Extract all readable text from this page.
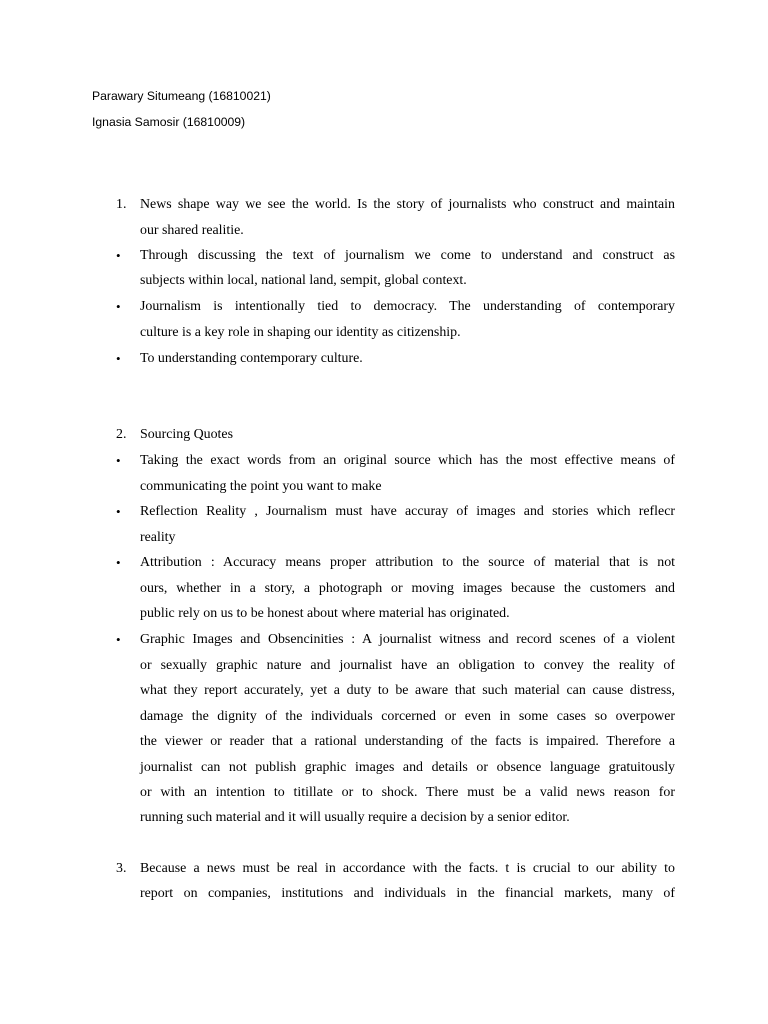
Parawary Situmeang (16810021)

Ignasia Samosir (16810009)

1. News shape way we see the world. Is the story of journalists who construct and maintain

our shared realitie.

• Through discussing the text of journalism we come to understand and construct as

subjects within local, national land, sempit, global context.

• Journalism is intentionally tied to democracy. The understanding of contemporary

culture is a key role in shaping our identity as citizenship.

• To understanding contemporary culture.

2. Sourcing Quotes

• Taking the exact words from an original source which has the most effective means of

communicating the point you want to make

• Reflection Reality , Journalism must have accuray of images and stories which reflecr

reality

• Attribution : Accuracy means proper attribution to the source of material that is not

ours, whether in a story, a photograph or moving images because the customers and

public rely on us to be honest about where material has originated.

• Graphic Images and Obsencinities : A journalist witness and record scenes of a violent

or sexually graphic nature and journalist have an obligation to convey the reality of

what they report accurately, yet a duty to be aware that such material can cause distress,

damage the dignity of the individuals corcerned or even in some cases so overpower

the viewer or reader that a rational understanding of the facts is impaired. Therefore a

journalist can not publish graphic images and details or obsence language gratuitously

or with an intention to titillate or to shock. There must be a valid news reason for

running such material and it will usually require a decision by a senior editor.

3. Because a news must be real in accordance with the facts. t is crucial to our ability to

report on companies, institutions and individuals in the financial markets, many of
